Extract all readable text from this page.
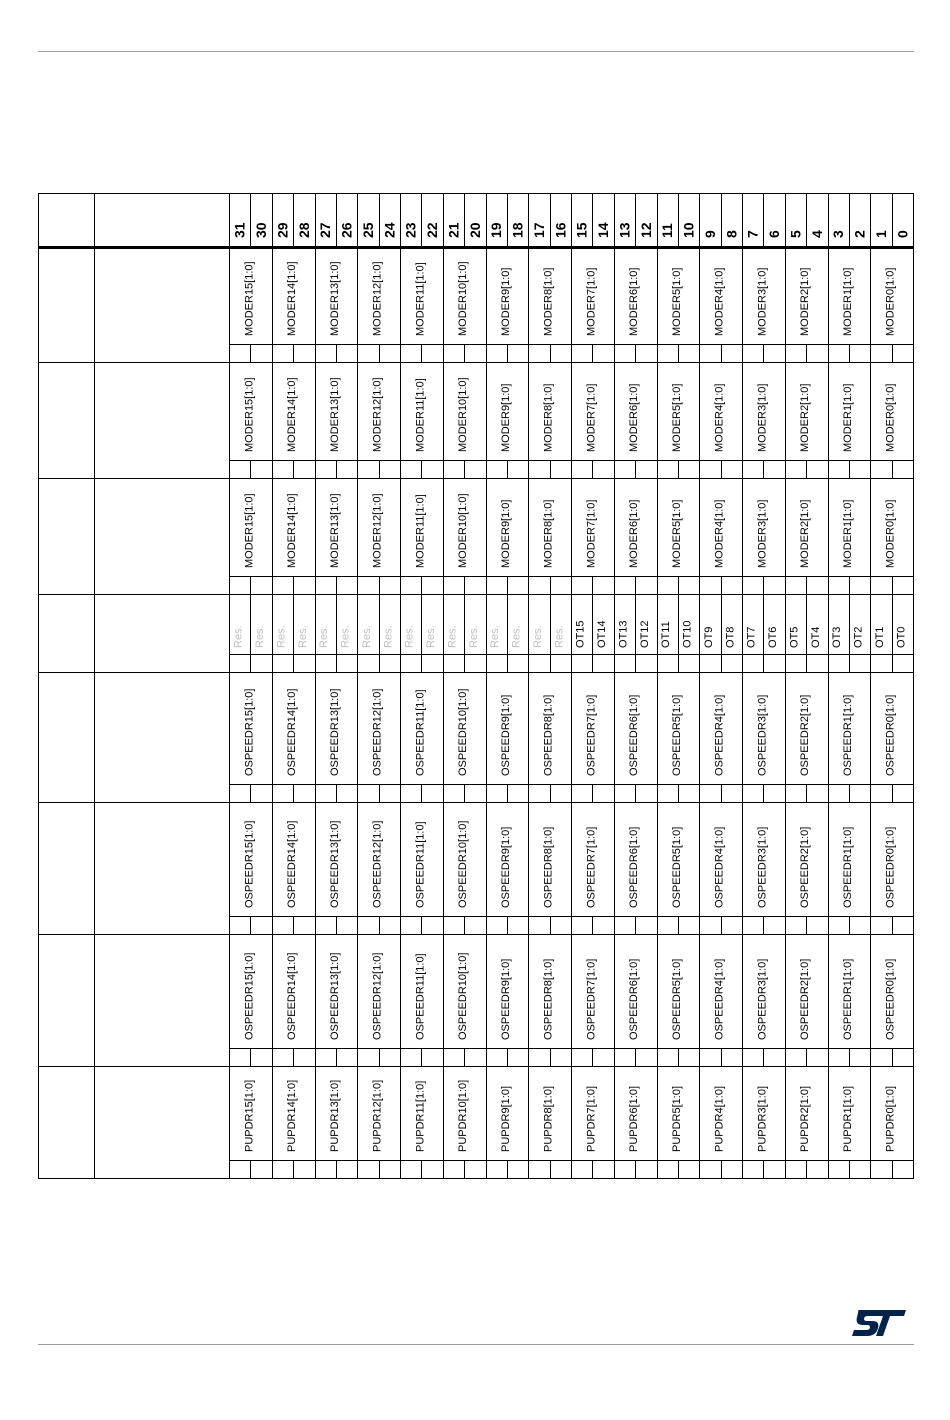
31 30 29 28 27 26 25 24 23 22 21 20 19 18 17 16 15 14 13 12 11 10 9 8 7 6 5 4 3 2 1 0
MODER15[1:0]	MODER14[1:0]	MODER13[1:0]	MODER12[1:0]	MODER11[1:0]	MODER10[1:0]	MODER9[1:0]	MODER8[1:0]	MODER7[1:0]	MODER6[1:0]	MODER5[1:0]	MODER4[1:0]	MODER3[1:0]	MODER2[1:0]	MODER1[1:0]	MODER0[1:0]
MODER15[1:0]	MODER14[1:0]	MODER13[1:0]	MODER12[1:0]	MODER11[1:0]	MODER10[1:0]	MODER9[1:0]	MODER8[1:0]	MODER7[1:0]	MODER6[1:0]	MODER5[1:0]	MODER4[1:0]	MODER3[1:0]	MODER2[1:0]	MODER1[1:0]	MODER0[1:0]
MODER15[1:0]	MODER14[1:0]	MODER13[1:0]	MODER12[1:0]	MODER11[1:0]	MODER10[1:0]	MODER9[1:0]	MODER8[1:0]	MODER7[1:0]	MODER6[1:0]	MODER5[1:0]	MODER4[1:0]	MODER3[1:0]	MODER2[1:0]	MODER1[1:0]	MODER0[1:0]
Res. Res. Res. Res. Res. Res. Res. Res. Res. Res. Res. Res. Res. Res. Res. Res. OT15 OT14 OT13 OT12 OT11 OT10 OT9 OT8 OT7 OT6 OT5 OT4 OT3 OT2 OT1 OT0
OSPEEDR15[1:0]	OSPEEDR14[1:0]	OSPEEDR13[1:0]	OSPEEDR12[1:0]	OSPEEDR11[1:0]	OSPEEDR10[1:0]	OSPEEDR9[1:0]	OSPEEDR8[1:0]	OSPEEDR7[1:0]	OSPEEDR6[1:0]	OSPEEDR5[1:0]	OSPEEDR4[1:0]	OSPEEDR3[1:0]	OSPEEDR2[1:0]	OSPEEDR1[1:0]	OSPEEDR0[1:0]
OSPEEDR15[1:0]	OSPEEDR14[1:0]	OSPEEDR13[1:0]	OSPEEDR12[1:0]	OSPEEDR11[1:0]	OSPEEDR10[1:0]	OSPEEDR9[1:0]	OSPEEDR8[1:0]	OSPEEDR7[1:0]	OSPEEDR6[1:0]	OSPEEDR5[1:0]	OSPEEDR4[1:0]	OSPEEDR3[1:0]	OSPEEDR2[1:0]	OSPEEDR1[1:0]	OSPEEDR0[1:0]
OSPEEDR15[1:0]	OSPEEDR14[1:0]	OSPEEDR13[1:0]	OSPEEDR12[1:0]	OSPEEDR11[1:0]	OSPEEDR10[1:0]	OSPEEDR9[1:0]	OSPEEDR8[1:0]	OSPEEDR7[1:0]	OSPEEDR6[1:0]	OSPEEDR5[1:0]	OSPEEDR4[1:0]	OSPEEDR3[1:0]	OSPEEDR2[1:0]	OSPEEDR1[1:0]	OSPEEDR0[1:0]
PUPDR15[1:0]	PUPDR14[1:0]	PUPDR13[1:0]	PUPDR12[1:0]	PUPDR11[1:0]	PUPDR10[1:0]	PUPDR9[1:0]	PUPDR8[1:0]	PUPDR7[1:0]	PUPDR6[1:0]	PUPDR5[1:0]	PUPDR4[1:0]	PUPDR3[1:0]	PUPDR2[1:0]	PUPDR1[1:0]	PUPDR0[1:0]
